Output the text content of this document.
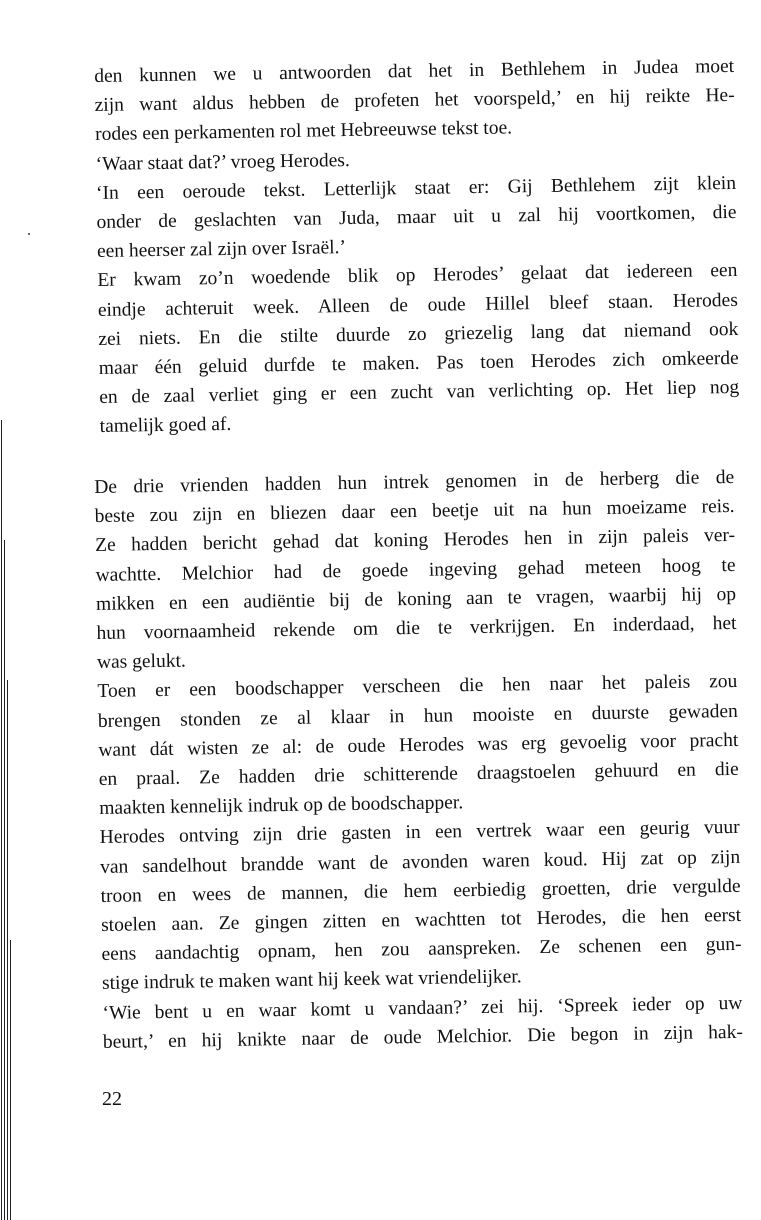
den kunnen we u antwoorden dat het in Bethlehem in Judea moet
zijn want aldus hebben de profeten het voorspeld,’ en hij reikte He-
rodes een perkamenten rol met Hebreeuwse tekst toe.
‘Waar staat dat?’ vroeg Herodes.
‘In een oeroude tekst. Letterlijk staat er: Gij Bethlehem zijt klein
onder de geslachten van Juda, maar uit u zal hij voortkomen, die
een heerser zal zijn over Israël.’
Er kwam zo’n woedende blik op Herodes’ gelaat dat iedereen een
eindje achteruit week. Alleen de oude Hillel bleef staan. Herodes
zei niets. En die stilte duurde zo griezelig lang dat niemand ook
maar één geluid durfde te maken. Pas toen Herodes zich omkeerde
en de zaal verliet ging er een zucht van verlichting op. Het liep nog
tamelijk goed af.
De drie vrienden hadden hun intrek genomen in de herberg die de
beste zou zijn en bliezen daar een beetje uit na hun moeizame reis.
Ze hadden bericht gehad dat koning Herodes hen in zijn paleis ver-
wachtte. Melchior had de goede ingeving gehad meteen hoog te
mikken en een audiëntie bij de koning aan te vragen, waarbij hij op
hun voornaamheid rekende om die te verkrijgen. En inderdaad, het
was gelukt.
Toen er een boodschapper verscheen die hen naar het paleis zou
brengen stonden ze al klaar in hun mooiste en duurste gewaden
want dát wisten ze al: de oude Herodes was erg gevoelig voor pracht
en praal. Ze hadden drie schitterende draagstoelen gehuurd en die
maakten kennelijk indruk op de boodschapper.
Herodes ontving zijn drie gasten in een vertrek waar een geurig vuur
van sandelhout brandde want de avonden waren koud. Hij zat op zijn
troon en wees de mannen, die hem eerbiedig groetten, drie vergulde
stoelen aan. Ze gingen zitten en wachtten tot Herodes, die hen eerst
eens aandachtig opnam, hen zou aanspreken. Ze schenen een gun-
stige indruk te maken want hij keek wat vriendelijker.
‘Wie bent u en waar komt u vandaan?’ zei hij. ‘Spreek ieder op uw
beurt,’ en hij knikte naar de oude Melchior. Die begon in zijn hak-
22
